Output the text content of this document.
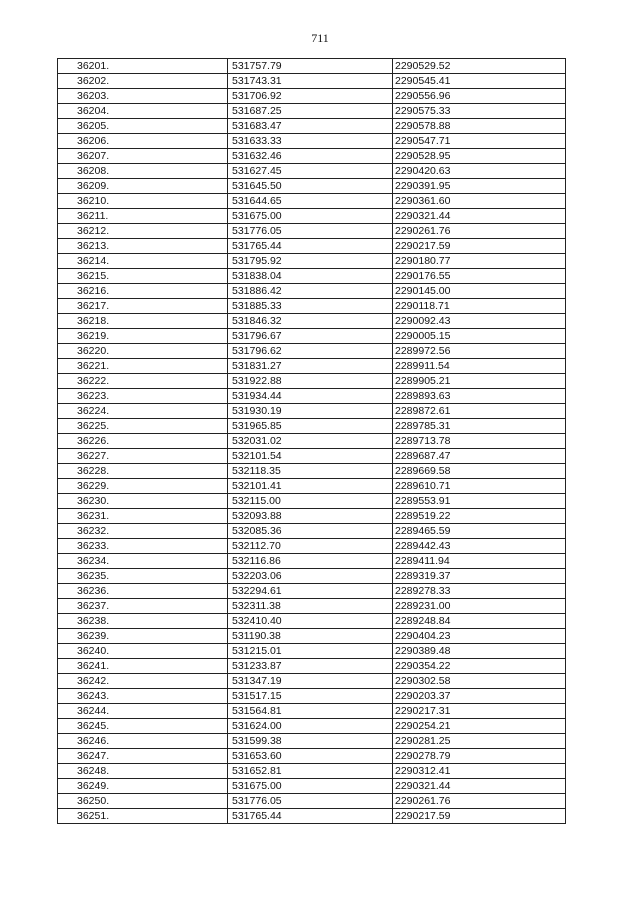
711
36201.	531757.79	2290529.52
36202.	531743.31	2290545.41
36203.	531706.92	2290556.96
36204.	531687.25	2290575.33
36205.	531683.47	2290578.88
36206.	531633.33	2290547.71
36207.	531632.46	2290528.95
36208.	531627.45	2290420.63
36209.	531645.50	2290391.95
36210.	531644.65	2290361.60
36211.	531675.00	2290321.44
36212.	531776.05	2290261.76
36213.	531765.44	2290217.59
36214.	531795.92	2290180.77
36215.	531838.04	2290176.55
36216.	531886.42	2290145.00
36217.	531885.33	2290118.71
36218.	531846.32	2290092.43
36219.	531796.67	2290005.15
36220.	531796.62	2289972.56
36221.	531831.27	2289911.54
36222.	531922.88	2289905.21
36223.	531934.44	2289893.63
36224.	531930.19	2289872.61
36225.	531965.85	2289785.31
36226.	532031.02	2289713.78
36227.	532101.54	2289687.47
36228.	532118.35	2289669.58
36229.	532101.41	2289610.71
36230.	532115.00	2289553.91
36231.	532093.88	2289519.22
36232.	532085.36	2289465.59
36233.	532112.70	2289442.43
36234.	532116.86	2289411.94
36235.	532203.06	2289319.37
36236.	532294.61	2289278.33
36237.	532311.38	2289231.00
36238.	532410.40	2289248.84
36239.	531190.38	2290404.23
36240.	531215.01	2290389.48
36241.	531233.87	2290354.22
36242.	531347.19	2290302.58
36243.	531517.15	2290203.37
36244.	531564.81	2290217.31
36245.	531624.00	2290254.21
36246.	531599.38	2290281.25
36247.	531653.60	2290278.79
36248.	531652.81	2290312.41
36249.	531675.00	2290321.44
36250.	531776.05	2290261.76
36251.	531765.44	2290217.59
